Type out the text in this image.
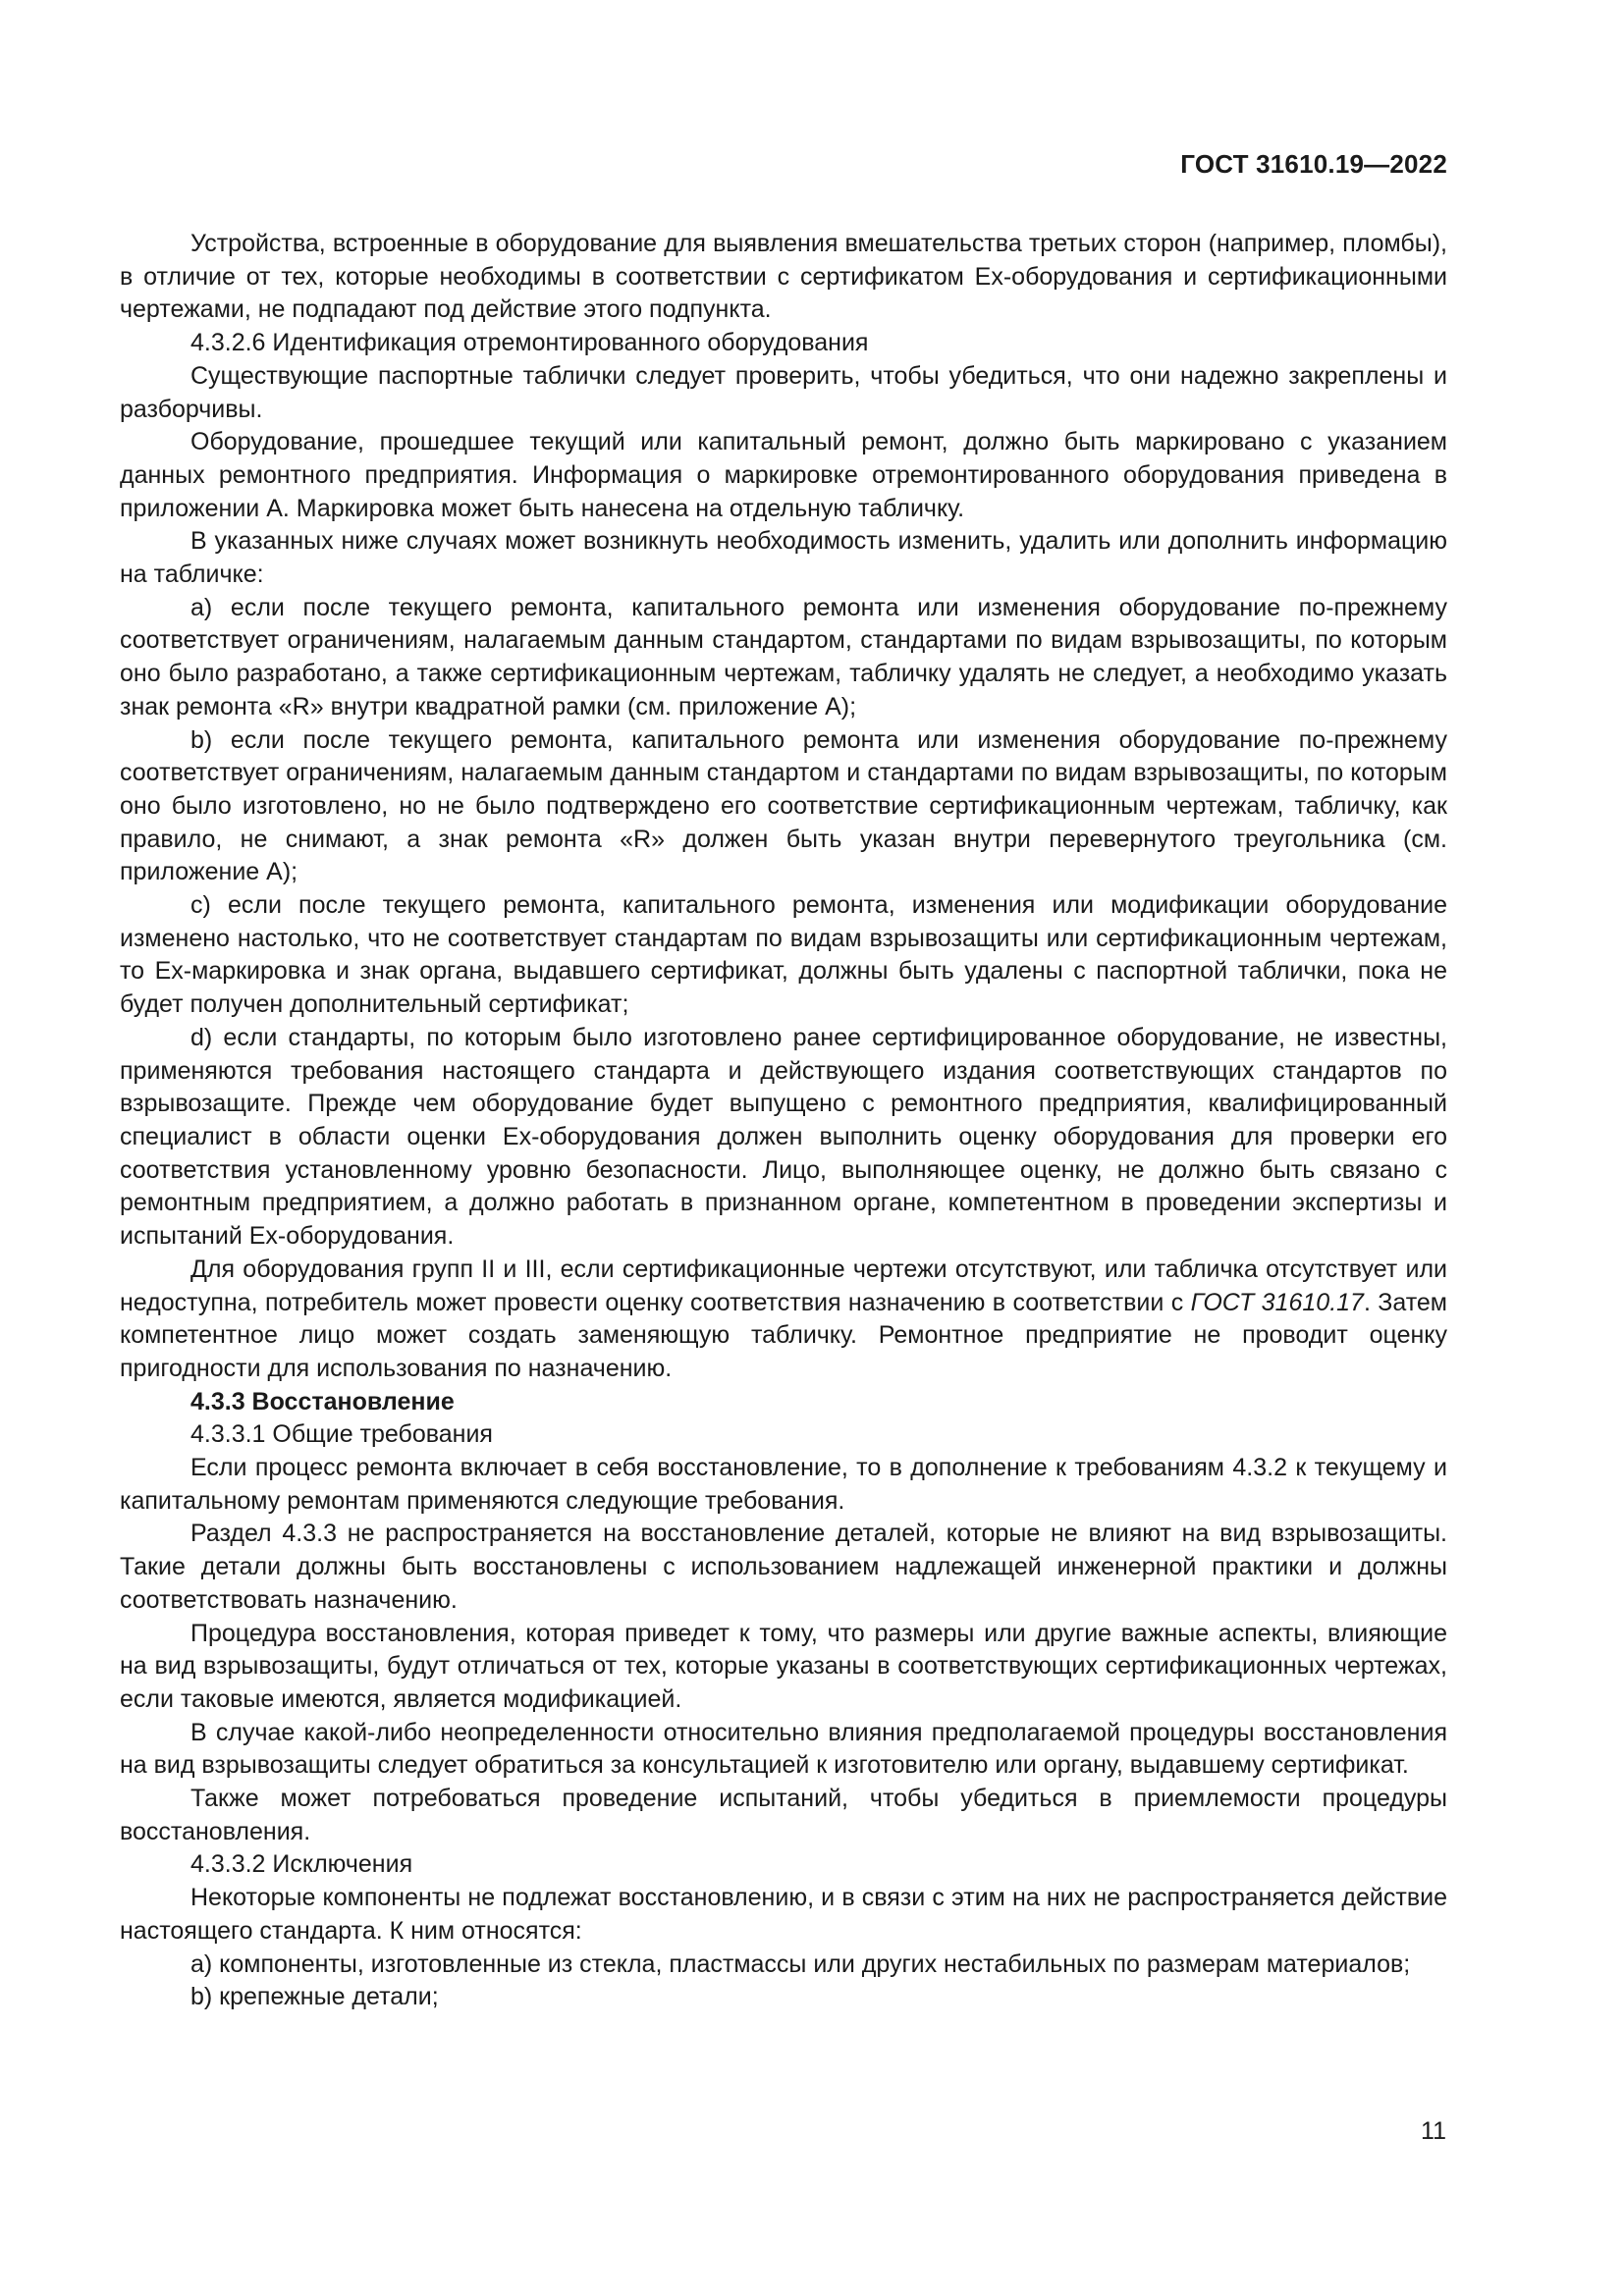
ГОСТ 31610.19—2022

Устройства, встроенные в оборудование для выявления вмешательства третьих сторон (например, пломбы), в отличие от тех, которые необходимы в соответствии с сертификатом Ex-оборудования и сертификационными чертежами, не подпадают под действие этого подпункта.

4.3.2.6 Идентификация отремонтированного оборудования

Существующие паспортные таблички следует проверить, чтобы убедиться, что они надежно закреплены и разборчивы.

Оборудование, прошедшее текущий или капитальный ремонт, должно быть маркировано с указанием данных ремонтного предприятия. Информация о маркировке отремонтированного оборудования приведена в приложении А. Маркировка может быть нанесена на отдельную табличку.

В указанных ниже случаях может возникнуть необходимость изменить, удалить или дополнить информацию на табличке:

а) если после текущего ремонта, капитального ремонта или изменения оборудование по-прежнему соответствует ограничениям, налагаемым данным стандартом, стандартами по видам взрывозащиты, по которым оно было разработано, а также сертификационным чертежам, табличку удалять не следует, а необходимо указать знак ремонта «R» внутри квадратной рамки (см. приложение А);

b) если после текущего ремонта, капитального ремонта или изменения оборудование по-прежнему соответствует ограничениям, налагаемым данным стандартом и стандартами по видам взрывозащиты, по которым оно было изготовлено, но не было подтверждено его соответствие сертификационным чертежам, табличку, как правило, не снимают, а знак ремонта «R» должен быть указан внутри перевернутого треугольника (см. приложение А);

c) если после текущего ремонта, капитального ремонта, изменения или модификации оборудование изменено настолько, что не соответствует стандартам по видам взрывозащиты или сертификационным чертежам, то Ex-маркировка и знак органа, выдавшего сертификат, должны быть удалены с паспортной таблички, пока не будет получен дополнительный сертификат;

d) если стандарты, по которым было изготовлено ранее сертифицированное оборудование, не известны, применяются требования настоящего стандарта и действующего издания соответствующих стандартов по взрывозащите. Прежде чем оборудование будет выпущено с ремонтного предприятия, квалифицированный специалист в области оценки Ex-оборудования должен выполнить оценку оборудования для проверки его соответствия установленному уровню безопасности. Лицо, выполняющее оценку, не должно быть связано с ремонтным предприятием, а должно работать в признанном органе, компетентном в проведении экспертизы и испытаний Ex-оборудования.

Для оборудования групп II и III, если сертификационные чертежи отсутствуют, или табличка отсутствует или недоступна, потребитель может провести оценку соответствия назначению в соответствии с ГОСТ 31610.17. Затем компетентное лицо может создать заменяющую табличку. Ремонтное предприятие не проводит оценку пригодности для использования по назначению.

4.3.3 Восстановление

4.3.3.1 Общие требования

Если процесс ремонта включает в себя восстановление, то в дополнение к требованиям 4.3.2 к текущему и капитальному ремонтам применяются следующие требования.

Раздел 4.3.3 не распространяется на восстановление деталей, которые не влияют на вид взрывозащиты. Такие детали должны быть восстановлены с использованием надлежащей инженерной практики и должны соответствовать назначению.

Процедура восстановления, которая приведет к тому, что размеры или другие важные аспекты, влияющие на вид взрывозащиты, будут отличаться от тех, которые указаны в соответствующих сертификационных чертежах, если таковые имеются, является модификацией.

В случае какой-либо неопределенности относительно влияния предполагаемой процедуры восстановления на вид взрывозащиты следует обратиться за консультацией к изготовителю или органу, выдавшему сертификат.

Также может потребоваться проведение испытаний, чтобы убедиться в приемлемости процедуры восстановления.

4.3.3.2 Исключения

Некоторые компоненты не подлежат восстановлению, и в связи с этим на них не распространяется действие настоящего стандарта. К ним относятся:

а) компоненты, изготовленные из стекла, пластмассы или других нестабильных по размерам материалов;

b) крепежные детали;

11
